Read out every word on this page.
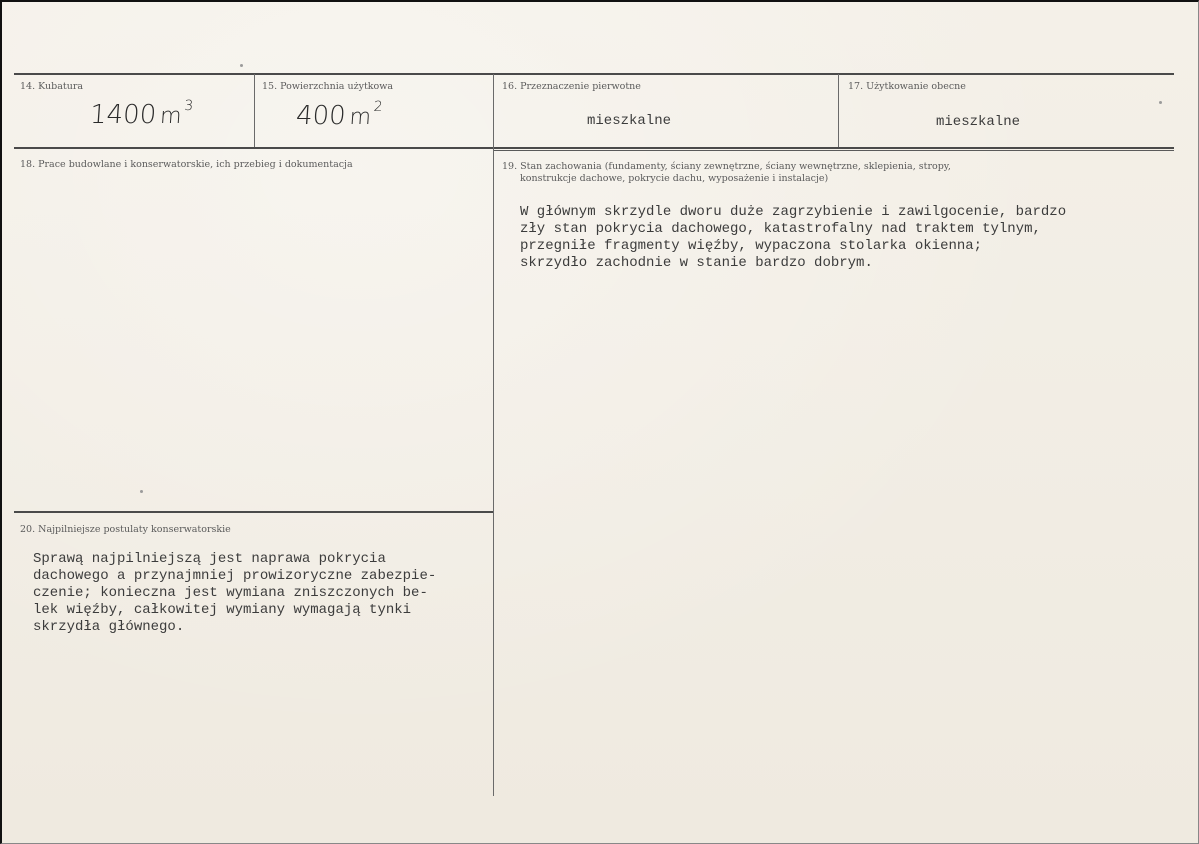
14. Kubatura
$1400m^3$
15. Powierzchnia użytkowa
$400m^2$
16. Przeznaczenie pierwotne
mieszkalne
17. Użytkowanie obecne
mieszkalne
18. Prace budowlane i konserwatorskie, ich przebieg i dokumentacja	19. Stan zachowania (fundamenty, ściany zewnętrzne, ściany wewnętrzne, sklepienia, stropy,
konstrukcje dachowe, pokrycie dachu, wyposażenie i instalacje)

W głównym skrzydle dworu duże zagrzybienie i zawilgocenie, bardzo

zły stan pokrycia dachowego, katastrofalny nad traktem tylnym,

przegniłe fragmenty więźby, wypaczona stolarka okienna;

skrzydło zachodnie w stanie bardzo dobrym.

20. Najpilniejsze postulaty konserwatorskie

Sprawą najpilniejszą jest naprawa pokrycia

dachowego a przynajmniej prowizoryczne zabezpie-

czenie; konieczna jest wymiana zniszczonych be-

lek więźby, całkowitej wymiany wymagają tynki

skrzydła głównego.
